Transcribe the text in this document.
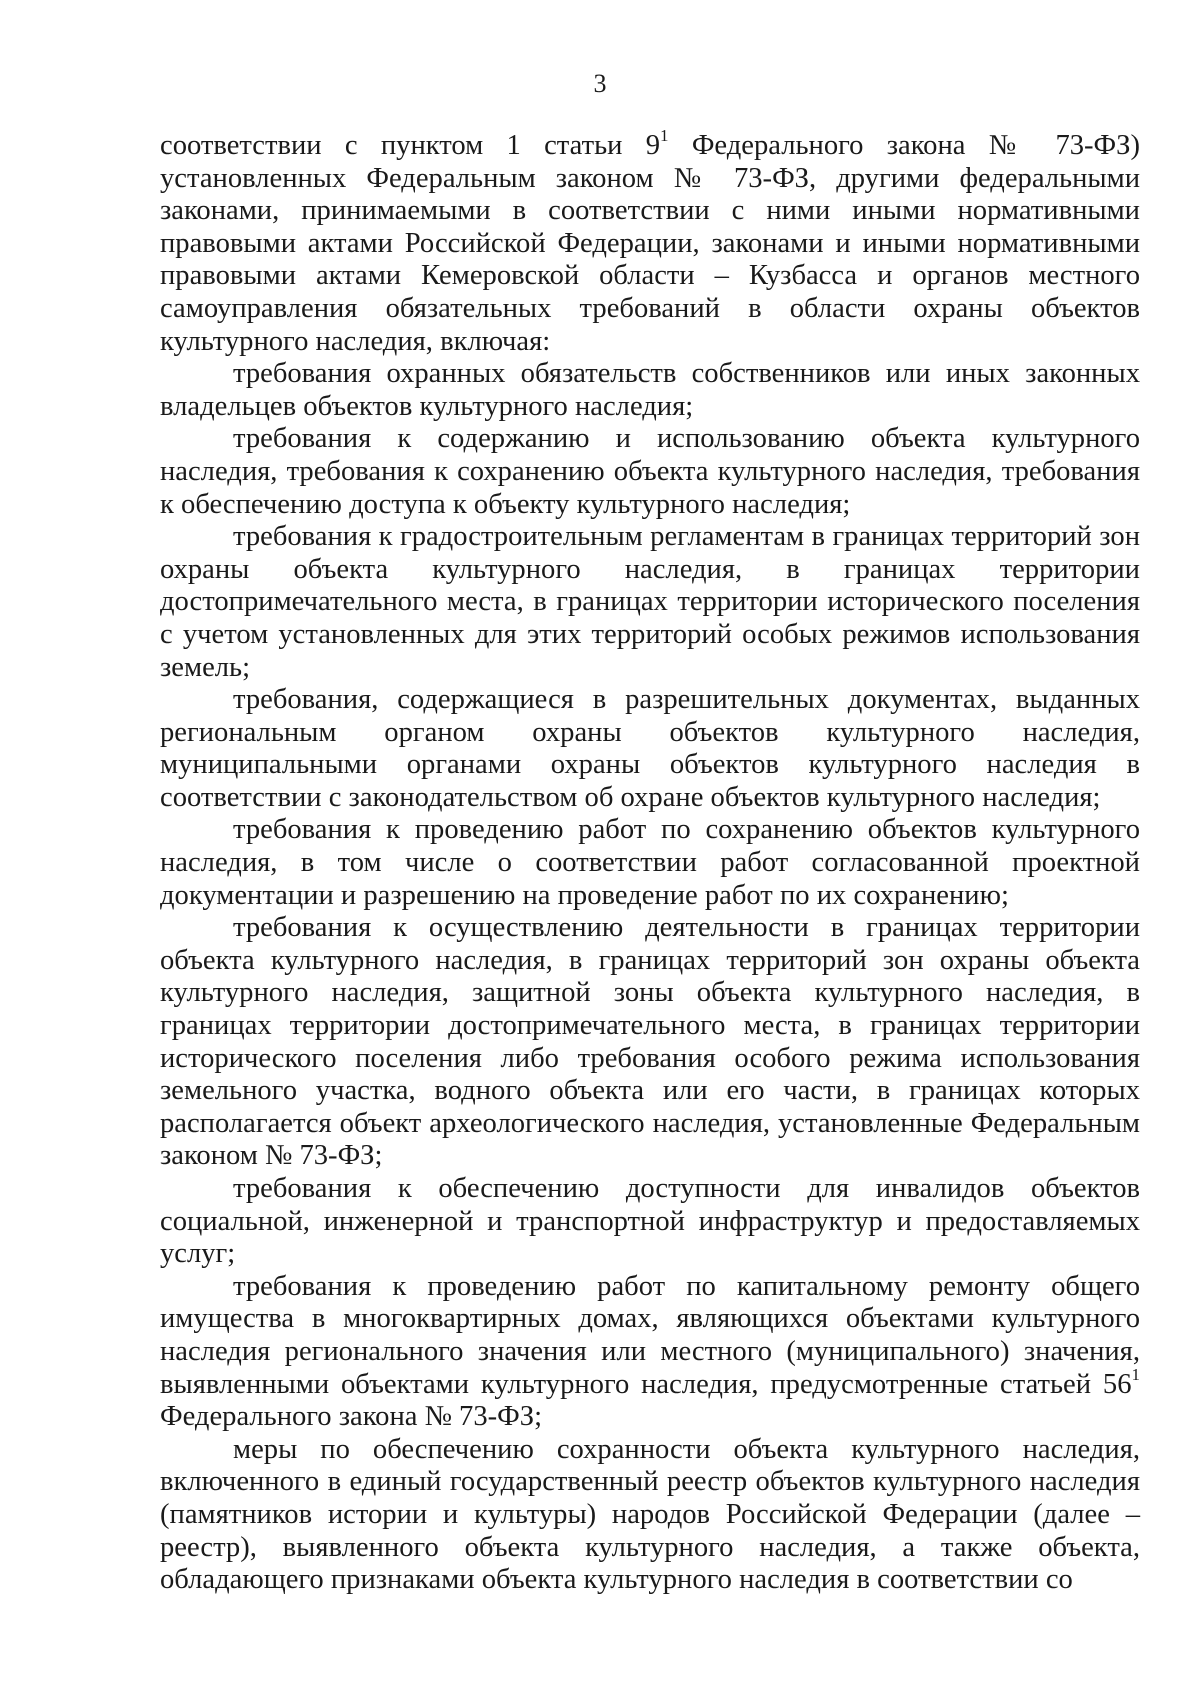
3

соответствии с пунктом 1 статьи $9^1$ Федерального закона № 73-ФЗ) установленных Федеральным законом № 73-ФЗ, другими федеральными законами, принимаемыми в соответствии с ними иными нормативными правовыми актами Российской Федерации, законами и иными нормативными правовыми актами Кемеровской области – Кузбасса и органов местного самоуправления обязательных требований в области охраны объектов культурного наследия, включая:

требования охранных обязательств собственников или иных законных владельцев объектов культурного наследия;

требования к содержанию и использованию объекта культурного наследия, требования к сохранению объекта культурного наследия, требования к обеспечению доступа к объекту культурного наследия;

требования к градостроительным регламентам в границах территорий зон охраны объекта культурного наследия, в границах территории достопримечательного места, в границах территории исторического поселения с учетом установленных для этих территорий особых режимов использования земель;

требования, содержащиеся в разрешительных документах, выданных региональным органом охраны объектов культурного наследия, муниципальными органами охраны объектов культурного наследия в соответствии с законодательством об охране объектов культурного наследия;

требования к проведению работ по сохранению объектов культурного наследия, в том числе о соответствии работ согласованной проектной документации и разрешению на проведение работ по их сохранению;

требования к осуществлению деятельности в границах территории объекта культурного наследия, в границах территорий зон охраны объекта культурного наследия, защитной зоны объекта культурного наследия, в границах территории достопримечательного места, в границах территории исторического поселения либо требования особого режима использования земельного участка, водного объекта или его части, в границах которых располагается объект археологического наследия, установленные Федеральным законом № 73-ФЗ;

требования к обеспечению доступности для инвалидов объектов социальной, инженерной и транспортной инфраструктур и предоставляемых услуг;

требования к проведению работ по капитальному ремонту общего имущества в многоквартирных домах, являющихся объектами культурного наследия регионального значения или местного (муниципального) значения, выявленными объектами культурного наследия, предусмотренные статьей $56^1$ Федерального закона № 73-ФЗ;

меры по обеспечению сохранности объекта культурного наследия, включенного в единый государственный реестр объектов культурного наследия (памятников истории и культуры) народов Российской Федерации (далее – реестр), выявленного объекта культурного наследия, а также объекта, обладающего признаками объекта культурного наследия в соответствии со
